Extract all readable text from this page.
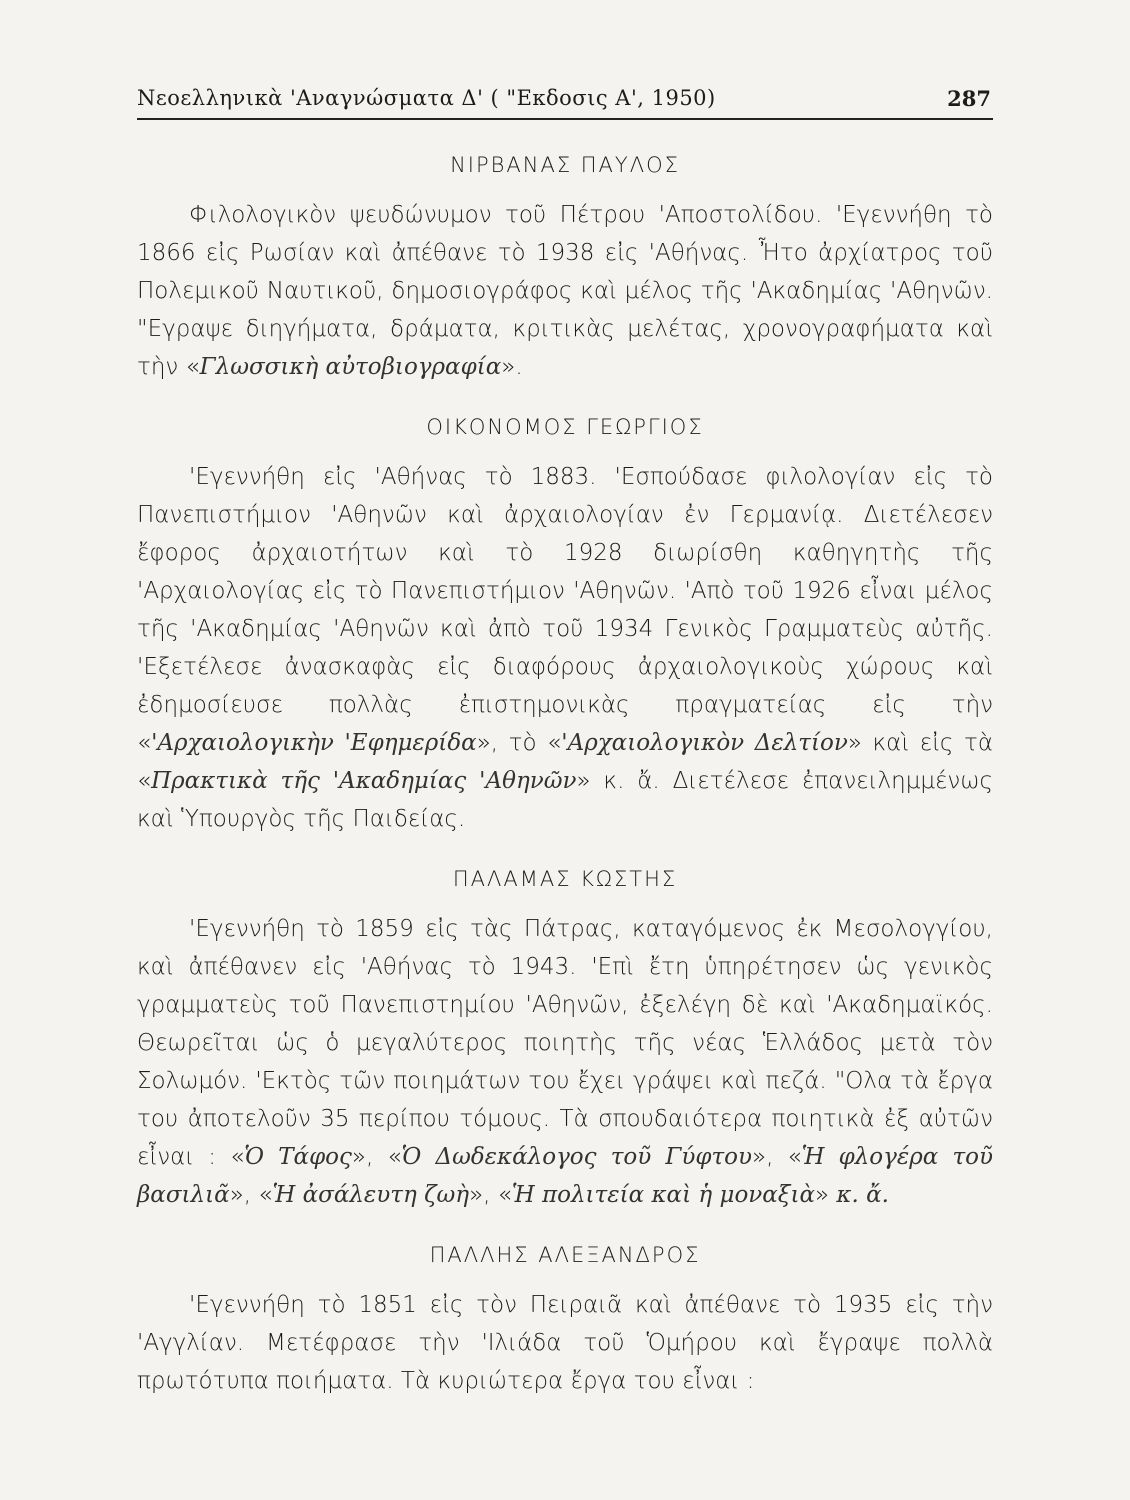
Νεοελληνικὰ 'Αναγνώσματα Δ' ( "Εκδοσις Α', 1950)	287
ΝΙΡΒΑΝΑΣ ΠΑΥΛΟΣ

Φιλολογικὸν ψευδώνυμον τοῦ Πέτρου 'Αποστολίδου. 'Εγεννήθη τὸ 1866 εἰς Ρωσίαν καὶ ἀπέθανε τὸ 1938 εἰς 'Αθήνας. Ἦτο ἀρχίατρος τοῦ Πολεμικοῦ Ναυτικοῦ, δημοσιογράφος καὶ μέλος τῆς 'Ακαδημίας 'Αθηνῶν. "Εγραψε διηγήματα, δράματα, κριτικὰς μελέτας, χρονογραφήματα καὶ τὴν «Γλωσσικὴ αὐτοβιογραφία».

ΟΙΚΟΝΟΜΟΣ ΓΕΩΡΓΙΟΣ

'Εγεννήθη εἰς 'Αθήνας τὸ 1883. 'Εσπούδασε φιλολογίαν εἰς τὸ Πανεπιστήμιον 'Αθηνῶν καὶ ἀρχαιολογίαν ἐν Γερμανίᾳ. Διετέλεσεν ἔφορος ἀρχαιοτήτων καὶ τὸ 1928 διωρίσθη καθηγητὴς τῆς 'Αρχαιολογίας εἰς τὸ Πανεπιστήμιον 'Αθηνῶν. 'Απὸ τοῦ 1926 εἶναι μέλος τῆς 'Ακαδημίας 'Αθηνῶν καὶ ἀπὸ τοῦ 1934 Γενικὸς Γραμματεὺς αὐτῆς. 'Εξετέλεσε ἀνασκαφὰς εἰς διαφόρους ἀρχαιολογικοὺς χώρους καὶ ἐδημοσίευσε πολλὰς ἐπιστημονικὰς πραγματείας εἰς τὴν «'Αρχαιολογικὴν 'Εφημερίδα», τὸ «'Αρχαιολογικὸν Δελτίον» καὶ εἰς τὰ «Πρακτικὰ τῆς 'Ακαδημίας 'Αθηνῶν» κ. ἄ. Διετέλεσε ἐπανειλημμένως καὶ Ὑπουργὸς τῆς Παιδείας.

ΠΑΛΑΜΑΣ ΚΩΣΤΗΣ

'Εγεννήθη τὸ 1859 εἰς τὰς Πάτρας, καταγόμενος ἐκ Μεσολογγίου, καὶ ἀπέθανεν εἰς 'Αθήνας τὸ 1943. 'Επὶ ἔτη ὑπηρέτησεν ὡς γενικὸς γραμματεὺς τοῦ Πανεπιστημίου 'Αθηνῶν, ἐξελέγη δὲ καὶ 'Ακαδημαϊκός. Θεωρεῖται ὡς ὁ μεγαλύτερος ποιητὴς τῆς νέας Ἑλλάδος μετὰ τὸν Σολωμόν. 'Εκτὸς τῶν ποιημάτων του ἔχει γράψει καὶ πεζά. "Ολα τὰ ἔργα του ἀποτελοῦν 35 περίπου τόμους. Τὰ σπουδαιότερα ποιητικὰ ἐξ αὐτῶν εἶναι : «Ὁ Τάφος», «Ὁ Δωδεκάλογος τοῦ Γύφτου», «Ἡ φλογέρα τοῦ βασιλιᾶ», «Ἡ ἀσάλευτη ζωὴ», «Ἡ πολιτεία καὶ ἡ μοναξιὰ» κ. ἄ.

ΠΑΛΛΗΣ ΑΛΕΞΑΝΔΡΟΣ

'Εγεννήθη τὸ 1851 εἰς τὸν Πειραιᾶ καὶ ἀπέθανε τὸ 1935 εἰς τὴν 'Αγγλίαν. Μετέφρασε τὴν 'Ιλιάδα τοῦ Ὁμήρου καὶ ἔγραψε πολλὰ πρωτότυπα ποιήματα. Τὰ κυριώτερα ἔργα του εἶναι :
